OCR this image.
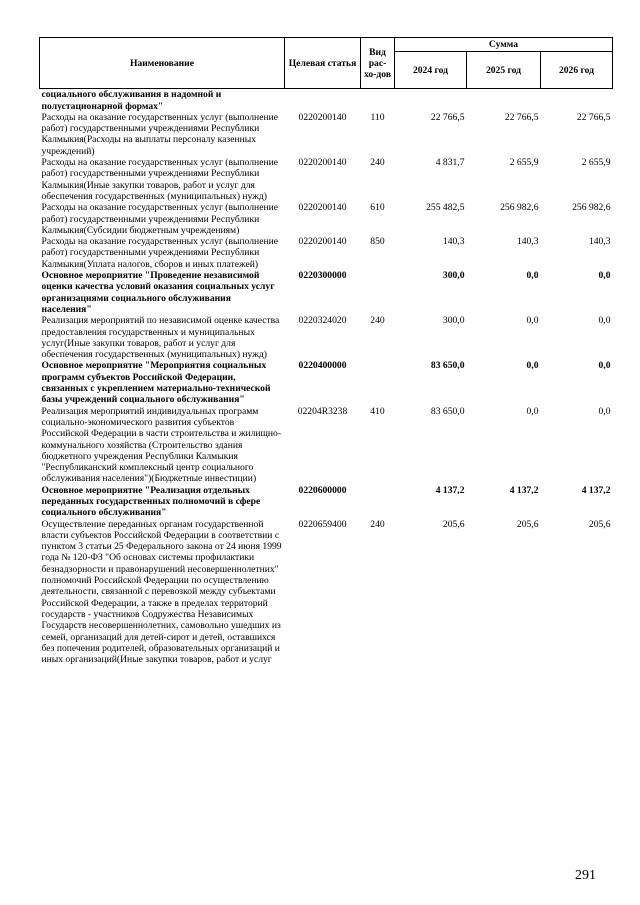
Наименование	Целевая статья	Вид рас-хо-дов	Сумма		
			2024 год	2025 год	2026 год
социального обслуживания в надомной и полустационарной формах"					
Расходы на оказание государственных услуг (выполнение работ) государственными учреждениями Республики Калмыкия(Расходы на выплаты персоналу казенных учреждений)	0220200140	110	22 766,5	22 766,5	22 766,5
Расходы на оказание государственных услуг (выполнение работ) государственными учреждениями Республики Калмыкия(Иные закупки товаров, работ и услуг для обеспечения государственных (муниципальных) нужд)	0220200140	240	4 831,7	2 655,9	2 655,9
Расходы на оказание государственных услуг (выполнение работ) государственными учреждениями Республики Калмыкия(Субсидии бюджетным учреждениям)	0220200140	610	255 482,5	256 982,6	256 982,6
Расходы на оказание государственных услуг (выполнение работ) государственными учреждениями Республики Калмыкия(Уплата налогов, сборов и иных платежей)	0220200140	850	140,3	140,3	140,3
Основное мероприятие "Проведение независимой оценки качества условий оказания социальных услуг организациями социального обслуживания населения"	0220300000		300,0	0,0	0,0
Реализация мероприятий по независимой оценке качества предоставления государственных и муниципальных услуг(Иные закупки товаров, работ и услуг для обеспечения государственных (муниципальных) нужд)	0220324020	240	300,0	0,0	0,0
Основное мероприятие "Мероприятия социальных программ субъектов Российской Федерации, связанных с укреплением материально-технической базы учреждений социального обслуживания"	0220400000		83 650,0	0,0	0,0
Реализация мероприятий индивидуальных программ социально-экономического развития субъектов Российской Федерации в части строительства и жилищно-коммунального хозяйства (Строительство здания бюджетного учреждения Республики Калмыкия "Республиканский комплексный центр социального обслуживания населения")(Бюджетные инвестиции)	02204R3238	410	83 650,0	0,0	0,0
Основное мероприятие "Реализация отдельных переданных государственных полномочий в сфере социального обслуживания"	0220600000		4 137,2	4 137,2	4 137,2
Осуществление переданных органам государственной власти субъектов Российской Федерации в соответствии с пунктом 3 статьи 25 Федерального закона от 24 июня 1999 года № 120-ФЗ "Об основах системы профилактики безнадзорности и правонарушений несовершеннолетних" полномочий Российской Федерации по осуществлению деятельности, связанной с перевозкой между субъектами Российской Федерации, а также в пределах территорий государств - участников Содружества Независимых Государств несовершеннолетних, самовольно ушедших из семей, организаций для детей-сирот и детей, оставшихся без попечения родителей, образовательных организаций и иных организаций(Иные закупки товаров, работ и услуг	0220659400	240	205,6	205,6	205,6
291
